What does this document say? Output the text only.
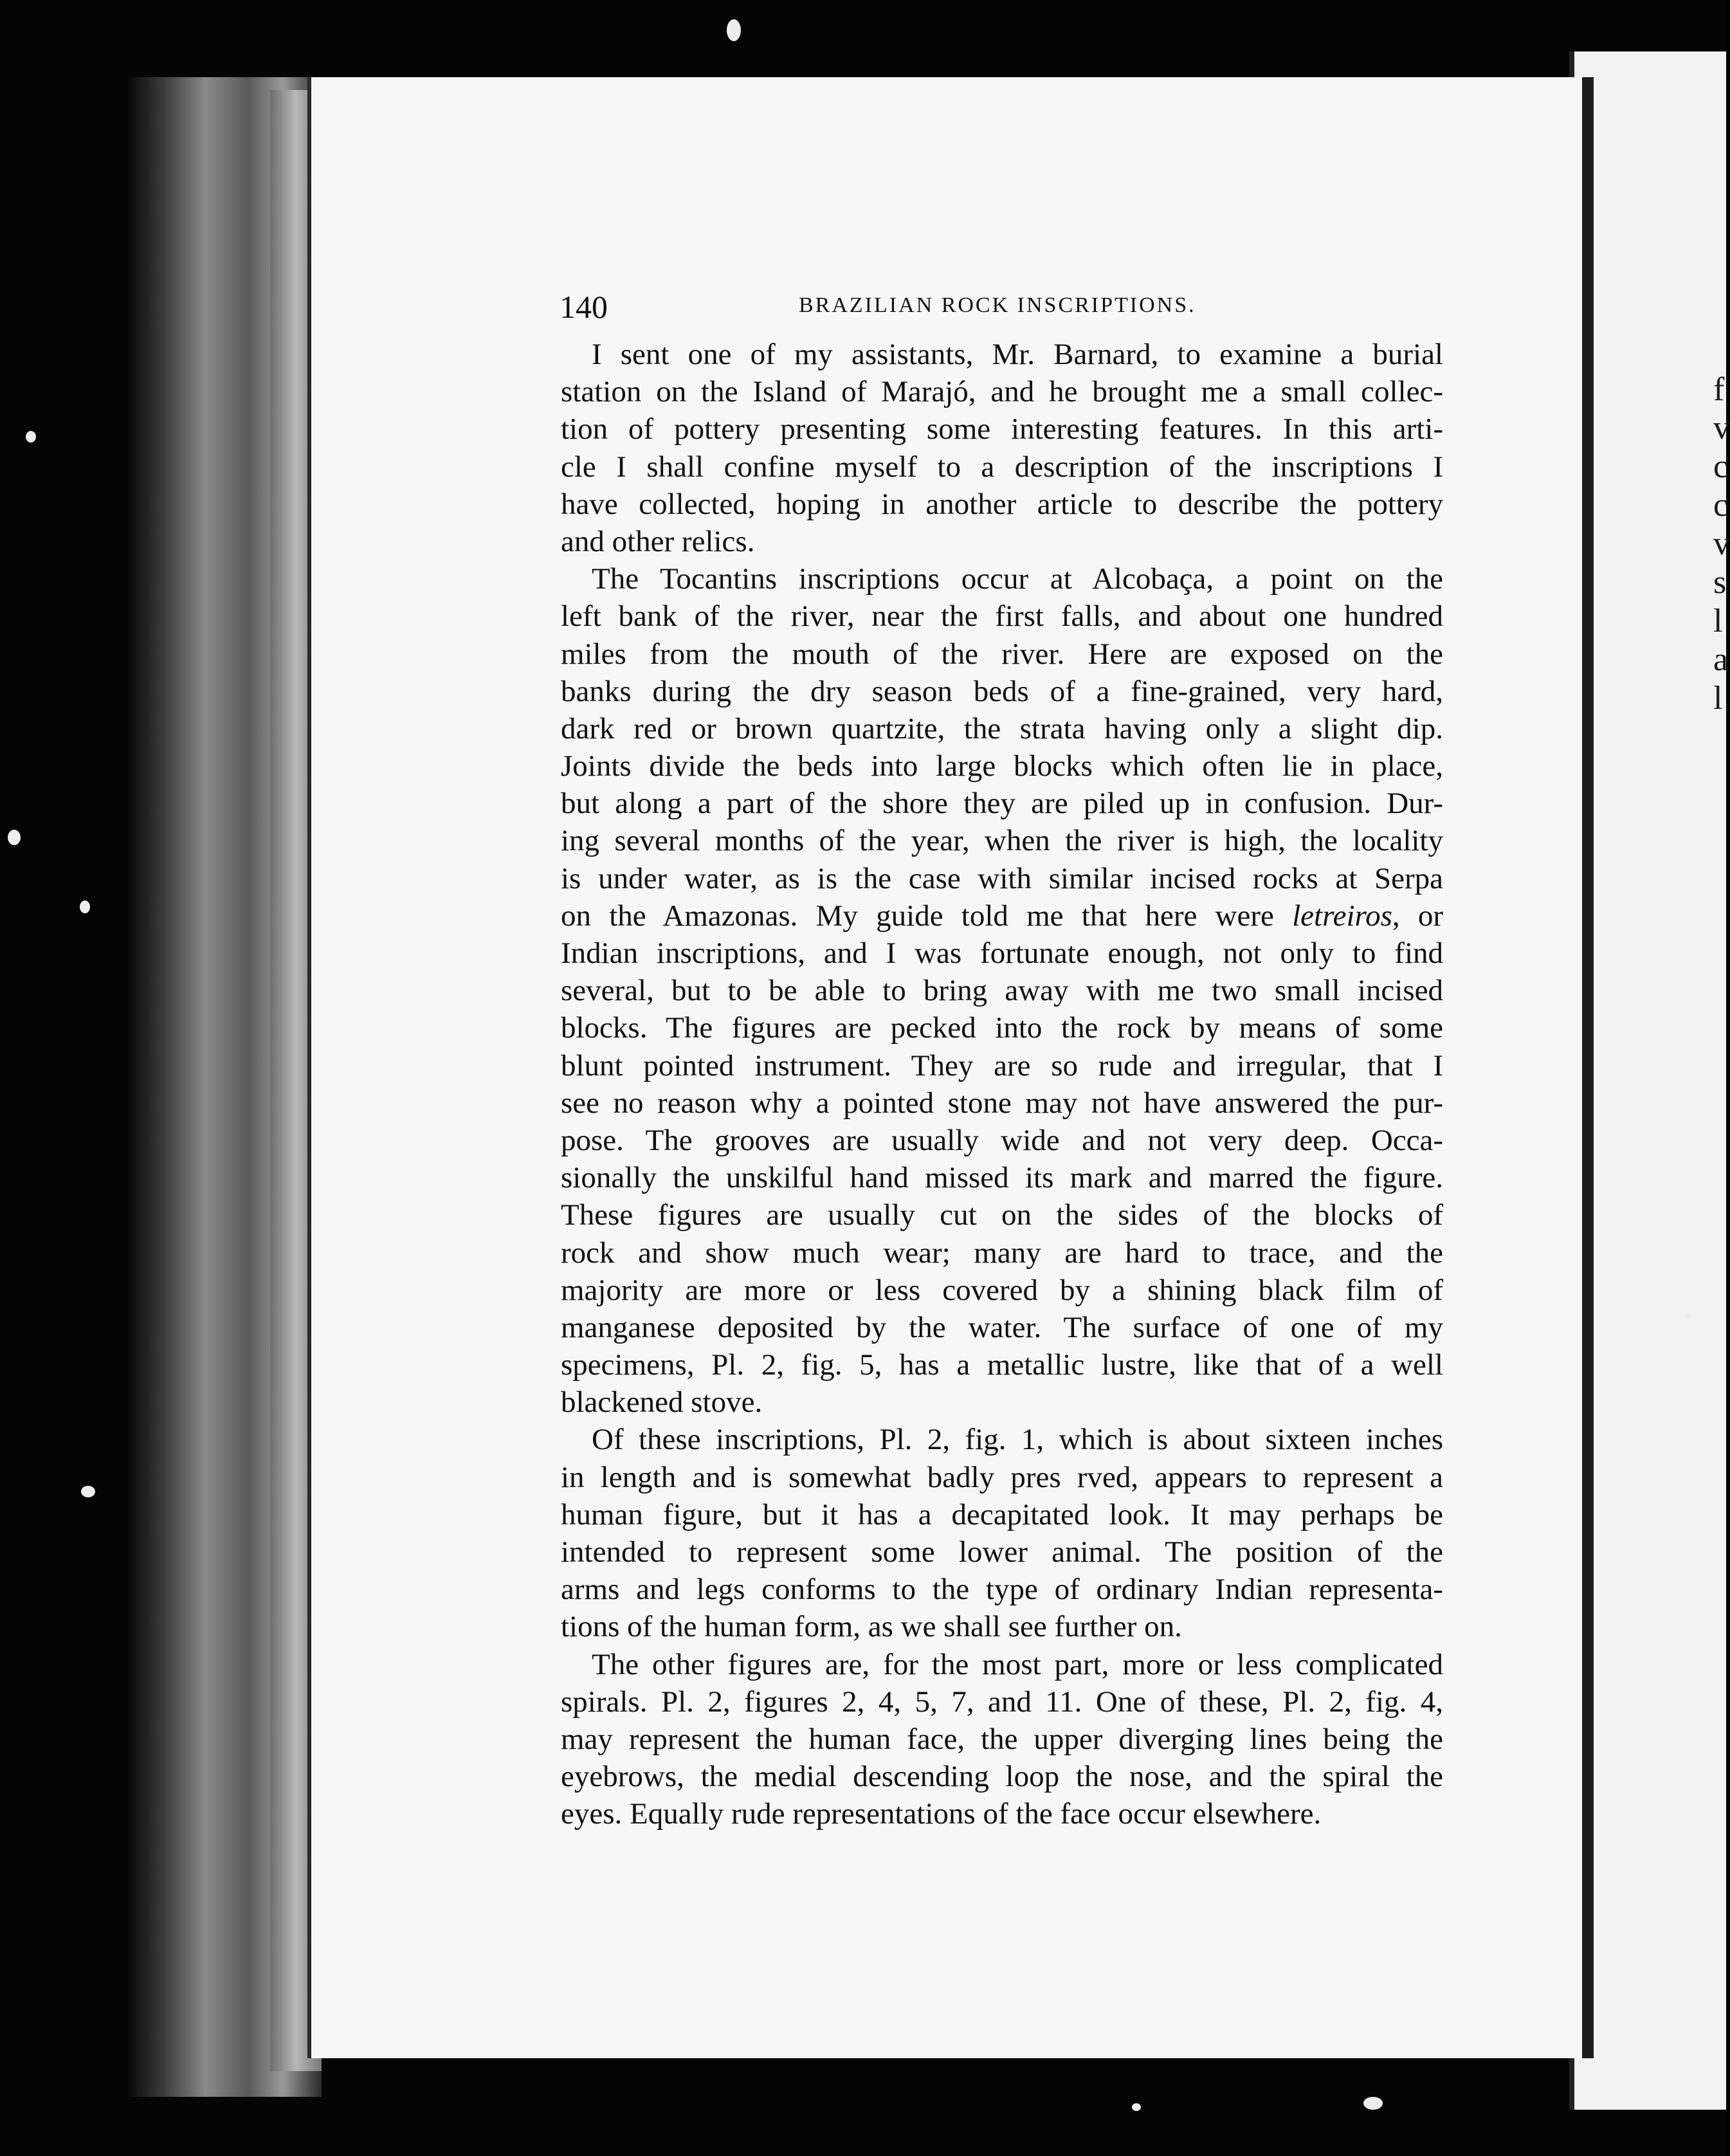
f
v
c
c
v
s
l
a
l
140	BRAZILIAN ROCK INSCRIPTIONS.
I sent one of my assistants, Mr. Barnard, to examine a burial
station on the Island of Marajó, and he brought me a small collec-
tion of pottery presenting some interesting features. In this arti-
cle I shall confine myself to a description of the inscriptions I
have collected, hoping in another article to describe the pottery
and other relics.
The Tocantins inscriptions occur at Alcobaça, a point on the
left bank of the river, near the first falls, and about one hundred
miles from the mouth of the river. Here are exposed on the
banks during the dry season beds of a fine-grained, very hard,
dark red or brown quartzite, the strata having only a slight dip.
Joints divide the beds into large blocks which often lie in place,
but along a part of the shore they are piled up in confusion. Dur-
ing several months of the year, when the river is high, the locality
is under water, as is the case with similar incised rocks at Serpa
on the Amazonas. My guide told me that here were letreiros, or
Indian inscriptions, and I was fortunate enough, not only to find
several, but to be able to bring away with me two small incised
blocks. The figures are pecked into the rock by means of some
blunt pointed instrument. They are so rude and irregular, that I
see no reason why a pointed stone may not have answered the pur-
pose. The grooves are usually wide and not very deep. Occa-
sionally the unskilful hand missed its mark and marred the figure.
These figures are usually cut on the sides of the blocks of
rock and show much wear; many are hard to trace, and the
majority are more or less covered by a shining black film of
manganese deposited by the water. The surface of one of my
specimens, Pl. 2, fig. 5, has a metallic lustre, like that of a well
blackened stove.
Of these inscriptions, Pl. 2, fig. 1, which is about sixteen inches
in length and is somewhat badly pres rved, appears to represent a
human figure, but it has a decapitated look. It may perhaps be
intended to represent some lower animal. The position of the
arms and legs conforms to the type of ordinary Indian representa-
tions of the human form, as we shall see further on.
The other figures are, for the most part, more or less complicated
spirals. Pl. 2, figures 2, 4, 5, 7, and 11. One of these, Pl. 2, fig. 4,
may represent the human face, the upper diverging lines being the
eyebrows, the medial descending loop the nose, and the spiral the
eyes. Equally rude representations of the face occur elsewhere.
